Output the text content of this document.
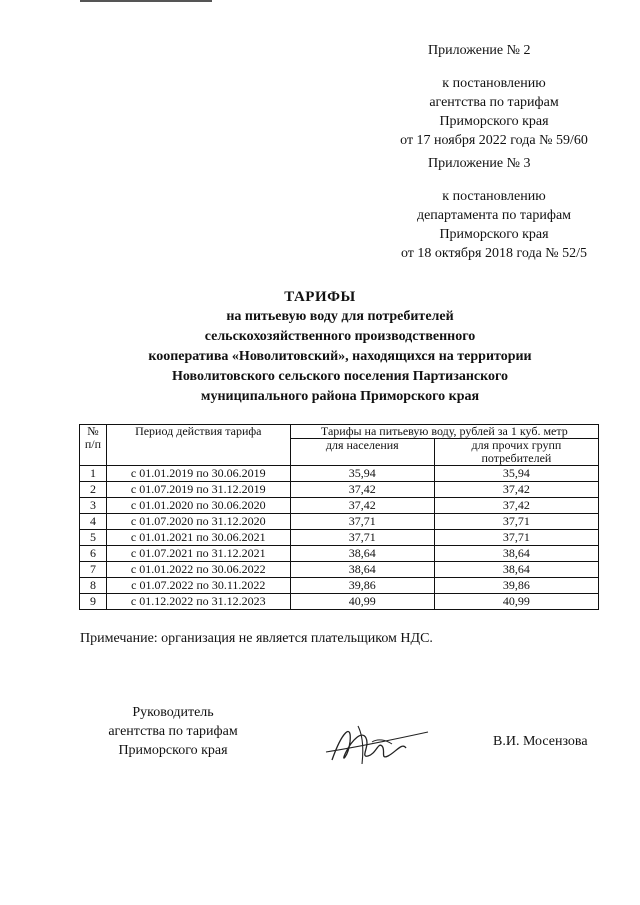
Приложение № 2
к постановлению
агентства по тарифам
Приморского края
от 17 ноября 2022 года № 59/60
Приложение № 3
к постановлению
департамента по тарифам
Приморского края
от 18 октября 2018 года № 52/5
ТАРИФЫ
на питьевую воду для потребителей
сельскохозяйственного производственного
кооператива «Новолитовский», находящихся на территории
Новолитовского сельского поселения Партизанского
муниципального района Приморского края
№ п/п	Период действия тарифа	Тарифы на питьевую воду, рублей за 1 куб. метр	
		для населения	для прочих групп потребителей
1	с 01.01.2019 по 30.06.2019	35,94	35,94
2	с 01.07.2019 по 31.12.2019	37,42	37,42
3	с 01.01.2020 по 30.06.2020	37,42	37,42
4	с 01.07.2020 по 31.12.2020	37,71	37,71
5	с 01.01.2021 по 30.06.2021	37,71	37,71
6	с 01.07.2021 по 31.12.2021	38,64	38,64
7	с 01.01.2022 по 30.06.2022	38,64	38,64
8	с 01.07.2022 по 30.11.2022	39,86	39,86
9	с 01.12.2022 по 31.12.2023	40,99	40,99
Примечание: организация не является плательщиком НДС.
Руководитель
агентства по тарифам
Приморского края
В.И. Мосензова
